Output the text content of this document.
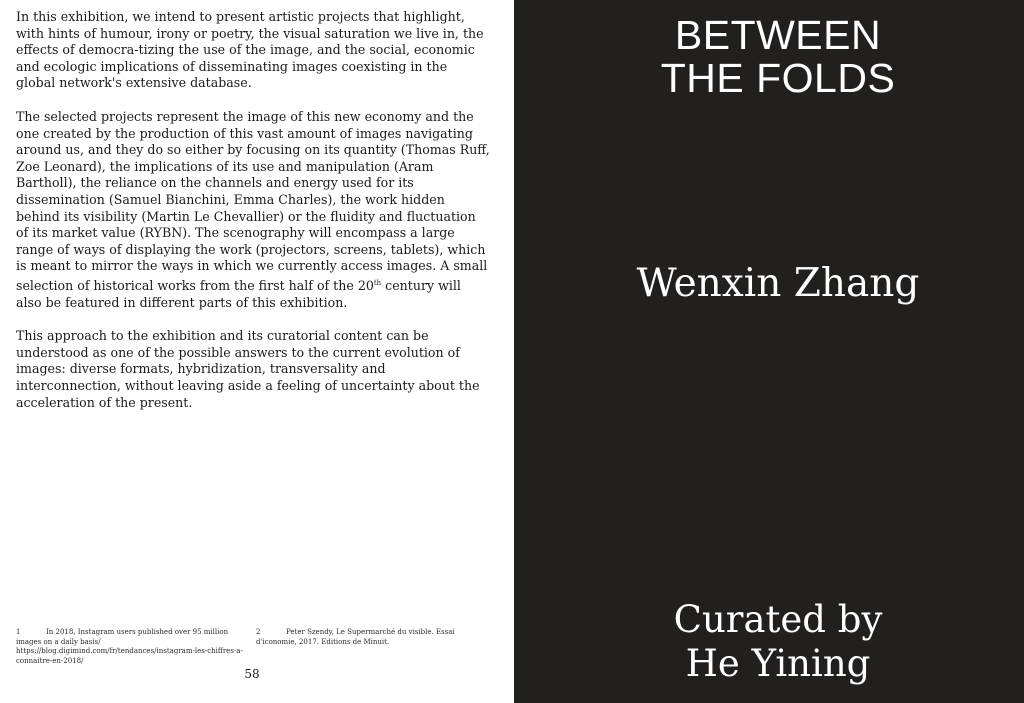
In this exhibition, we intend to present artistic projects that highlight, with hints of humour, irony or poetry, the visual saturation we live in, the effects of democra-tizing the use of the image, and the social, economic and ecologic implications of disseminating images coexisting in the global network's extensive database.

The selected projects represent the image of this new economy and the one created by the production of this vast amount of images navigating around us, and they do so either by focusing on its quantity (Thomas Ruff, Zoe Leonard), the implications of its use and manipulation (Aram Bartholl), the reliance on the channels and energy used for its dissemination (Samuel Bianchini, Emma Charles), the work hidden behind its visibility (Martin Le Chevallier) or the fluidity and fluctuation of its market value (RYBN). The scenography will encompass a large range of ways of displaying the work (projectors, screens, tablets), which is meant to mirror the ways in which we currently access images. A small selection of historical works from the first half of the 20th century will also be featured in different parts of this exhibition.

This approach to the exhibition and its curatorial content can be understood as one of the possible answers to the current evolution of images: diverse formats, hybridization, transversality and interconnection, without leaving aside a feeling of uncertainty about the acceleration of the present.

1	In 2018, Instagram users published over 95 million images on a daily basis/ https://blog.digimind.com/fr/tendances/instagram-les-chiffres-a-connaitre-en-2018/
2	Peter Szendy, Le Supermarché du visible. Essai d'iconomie, 2017. Editions de Minuit.
58
BETWEEN
THE FOLDS
Wenxin Zhang
Curated by
He Yining
